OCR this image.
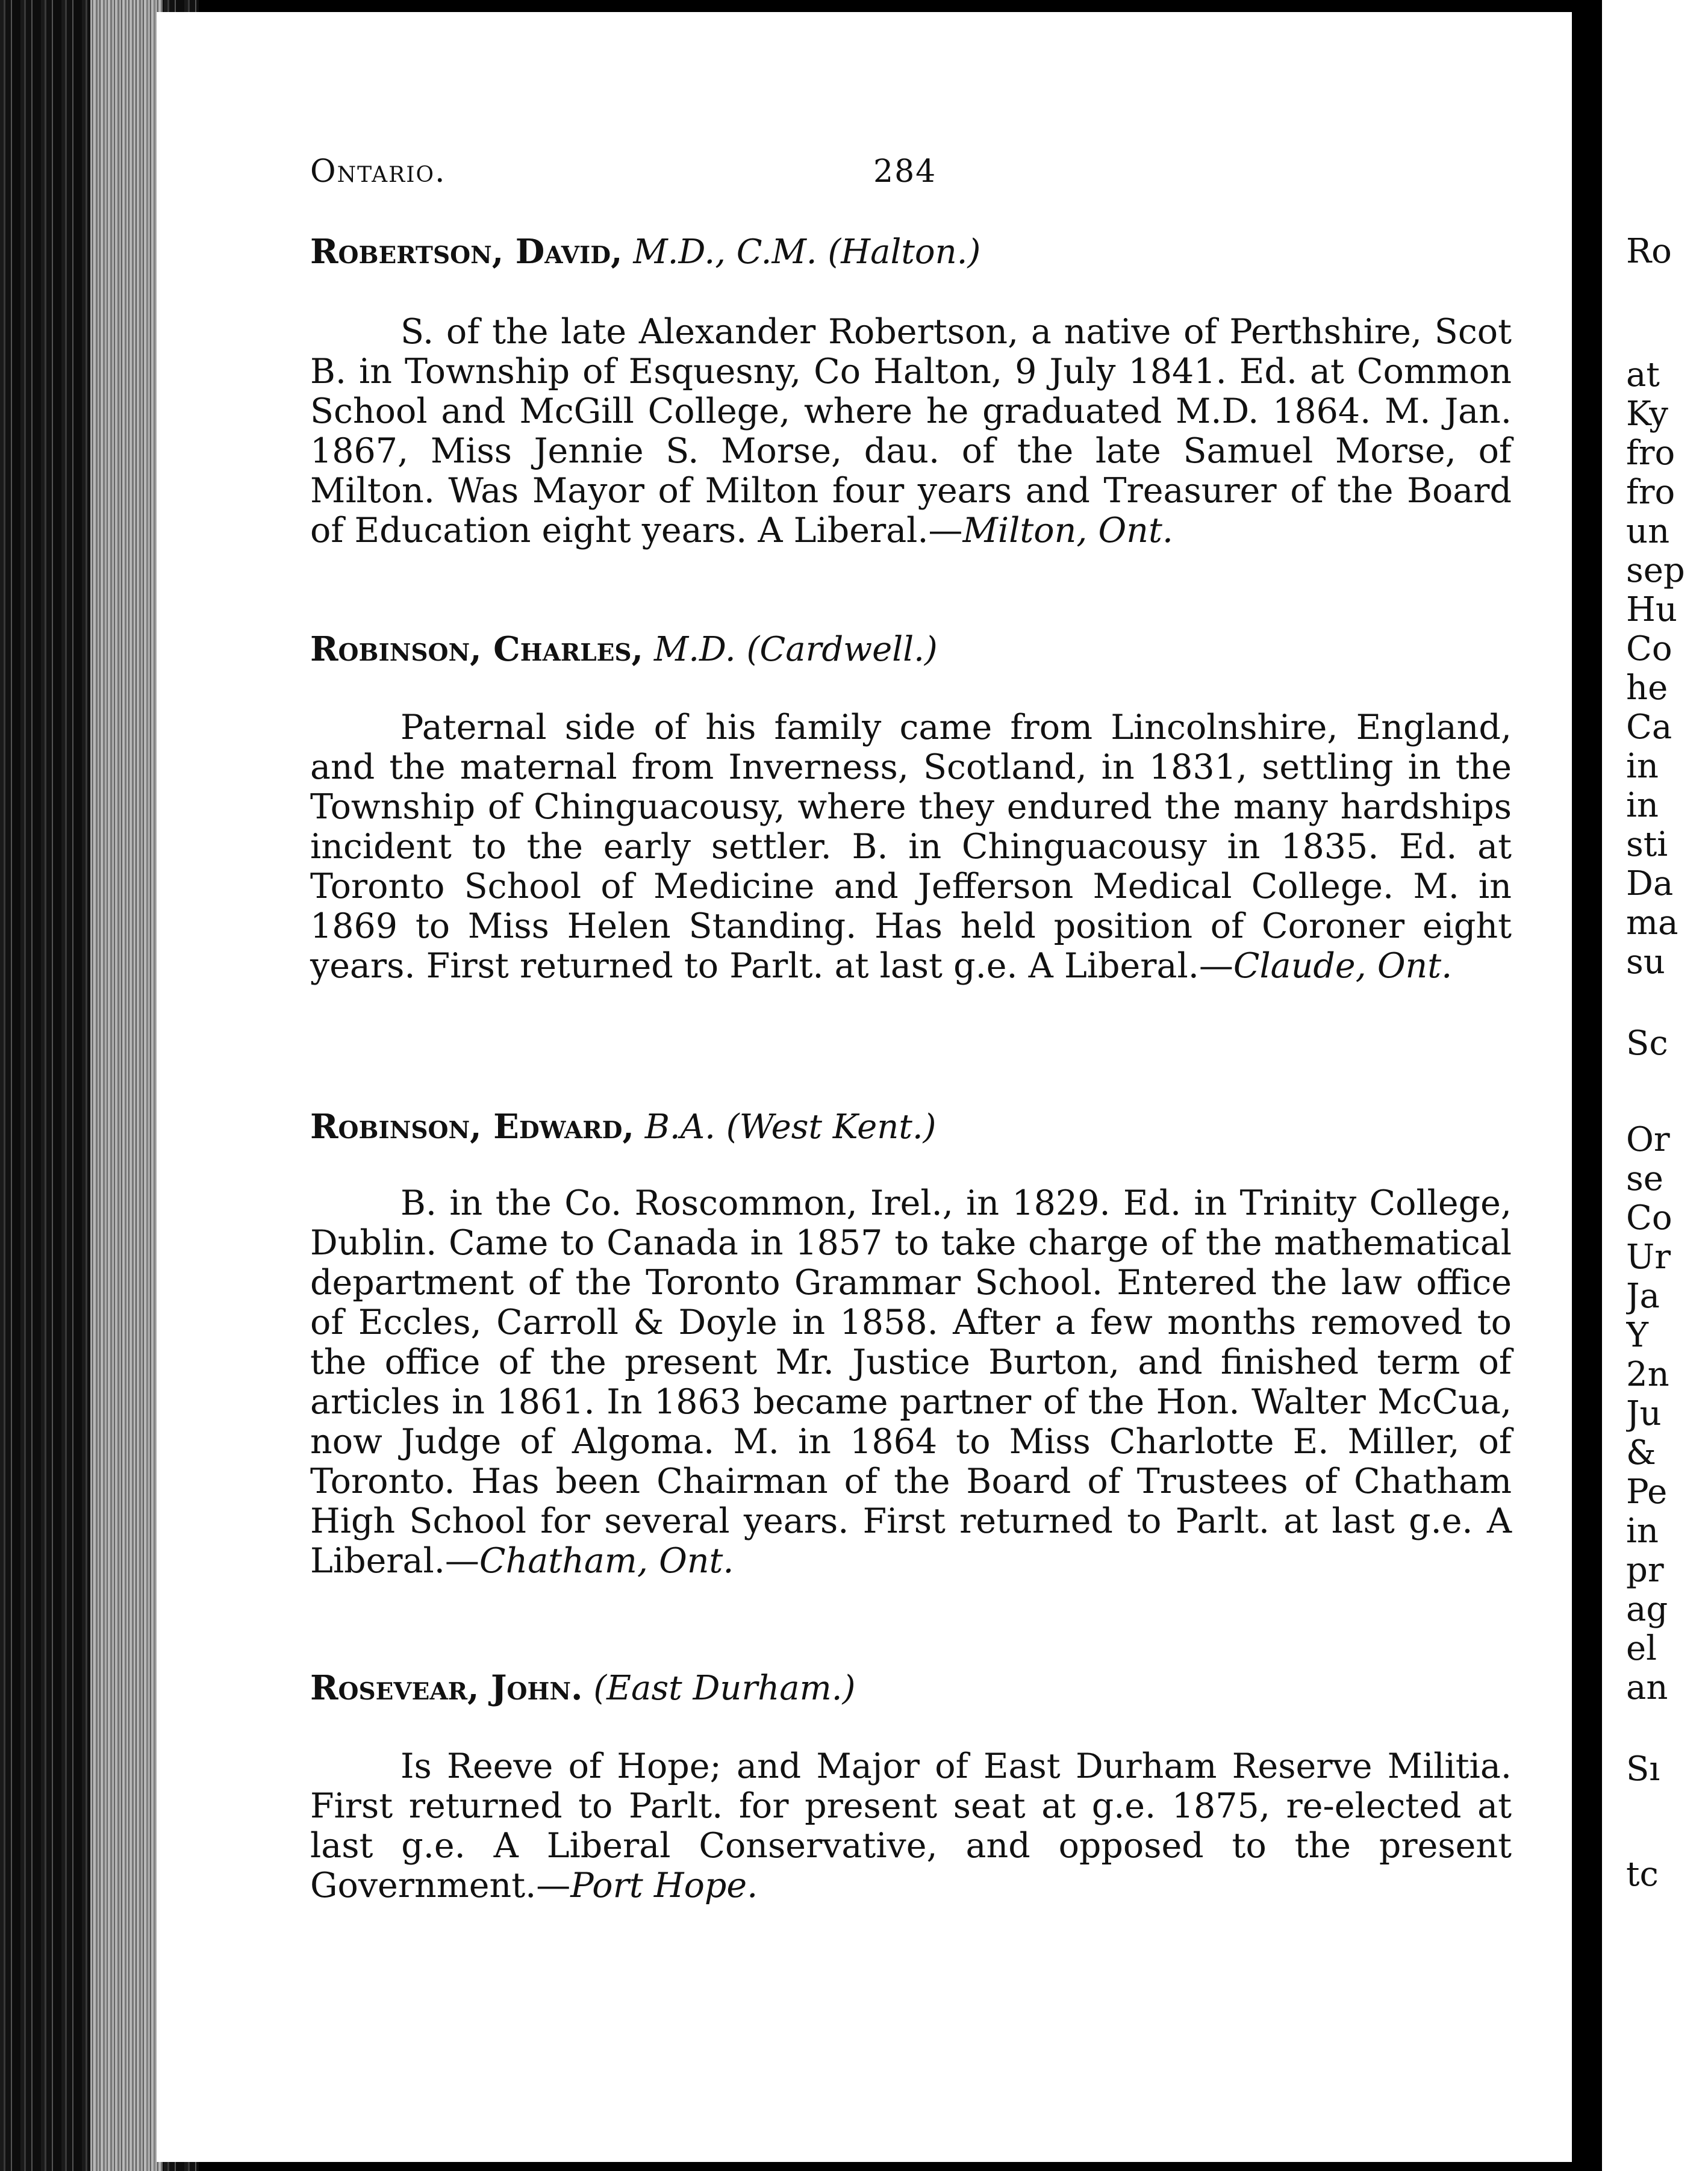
Ontario.	284
Robertson, David, M.D., C.M. (Halton.)

S. of the late Alexander Robertson, a native of Perthshire, Scot B. in Township of Esquesny, Co Halton, 9 July 1841. Ed. at Common School and McGill College, where he graduated M.D. 1864. M. Jan. 1867, Miss Jennie S. Morse, dau. of the late Samuel Morse, of Milton. Was Mayor of Milton four years and Treasurer of the Board of Education eight years. A Liberal.—Milton, Ont.

Robinson, Charles, M.D. (Cardwell.)

Paternal side of his family came from Lincolnshire, England, and the maternal from Inverness, Scotland, in 1831, settling in the Township of Chinguacousy, where they endured the many hardships incident to the early settler. B. in Chinguacousy in 1835. Ed. at Toronto School of Medicine and Jefferson Medical College. M. in 1869 to Miss Helen Standing. Has held position of Coroner eight years. First returned to Parlt. at last g.e. A Liberal.—Claude, Ont.

Robinson, Edward, B.A. (West Kent.)

B. in the Co. Roscommon, Irel., in 1829. Ed. in Trinity College, Dublin. Came to Canada in 1857 to take charge of the mathematical department of the Toronto Grammar School. Entered the law office of Eccles, Carroll & Doyle in 1858. After a few months removed to the office of the present Mr. Justice Burton, and finished term of articles in 1861. In 1863 became partner of the Hon. Walter McCua, now Judge of Algoma. M. in 1864 to Miss Charlotte E. Miller, of Toronto. Has been Chairman of the Board of Trustees of Chatham High School for several years. First returned to Parlt. at last g.e. A Liberal.—Chatham, Ont.

Rosevear, John. (East Durham.)

Is Reeve of Hope; and Major of East Durham Reserve Militia. First returned to Parlt. for present seat at g.e. 1875, re-elected at last g.e. A Liberal Conservative, and opposed to the present Government.—Port Hope.

Ro
at
Ky
fro
fro
un
sep
Hu
Co
he
Ca
in
in
sti
Da
ma
su
Sc
Or
se
Co
Ur
Ja
Y
2n
Ju
&
Pe
in
pr
ag
el
an
Sı
tc
